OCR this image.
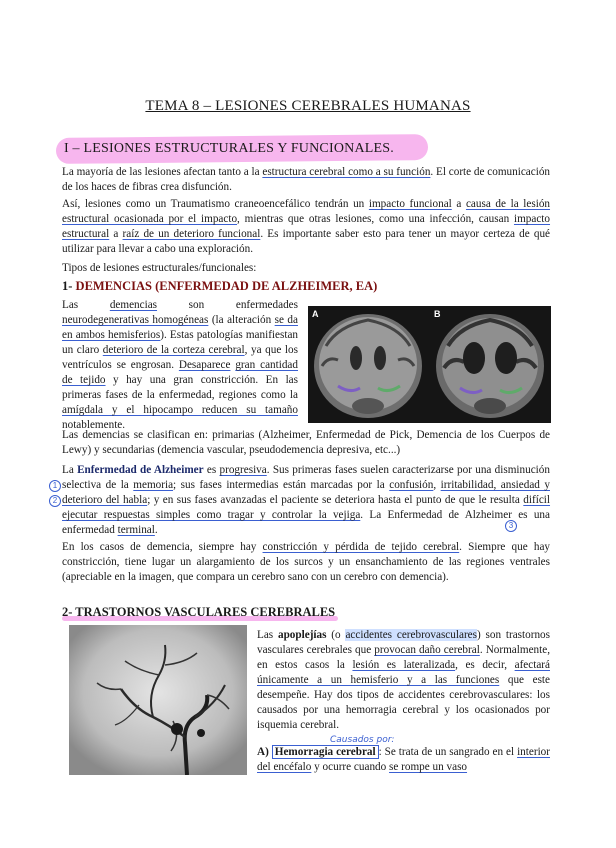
TEMA 8 – LESIONES CEREBRALES HUMANAS
I – LESIONES ESTRUCTURALES Y FUNCIONALES.

La mayoría de las lesiones afectan tanto a la estructura cerebral como a su función. El corte de comunicación de los haces de fibras crea disfunción.

Así, lesiones como un Traumatismo craneoencefálico tendrán un impacto funcional a causa de la lesión estructural ocasionada por el impacto, mientras que otras lesiones, como una infección, causan impacto estructural a raíz de un deterioro funcional. Es importante saber esto para tener un mayor certeza de qué utilizar para llevar a cabo una exploración.

Tipos de lesiones estructurales/funcionales:

1- DEMENCIAS (ENFERMEDAD DE ALZHEIMER, EA)

Las demencias son enfermedades neurodegenerativas homogéneas (la alteración se da en ambos hemisferios). Estas patologías manifiestan un claro deterioro de la corteza cerebral, ya que los ventrículos se engrosan. Desaparece gran cantidad de tejido y hay una gran constricción. En las primeras fases de la enfermedad, regiones como la amígdala y el hipocampo reducen su tamaño notablemente.

A	B

Las demencias se clasifican en: primarias (Alzheimer, Enfermedad de Pick, Demencia de los Cuerpos de Lewy) y secundarias (demencia vascular, pseudodemencia depresiva, etc...)

La Enfermedad de Alzheimer es progresiva. Sus primeras fases suelen caracterizarse por una disminución selectiva de la memoria; sus fases intermedias están marcadas por la confusión, irritabilidad, ansiedad y deterioro del habla; y en sus fases avanzadas el paciente se deteriora hasta el punto de que le resulta difícil ejecutar respuestas simples como tragar y controlar la vejiga. La Enfermedad de Alzheimer es una enfermedad terminal.

1
2
3

En los casos de demencia, siempre hay constricción y pérdida de tejido cerebral. Siempre que hay constricción, tiene lugar un alargamiento de los surcos y un ensanchamiento de las regiones ventrales (apreciable en la imagen, que compara un cerebro sano con un cerebro con demencia).

2- TRASTORNOS VASCULARES CEREBRALES

Las apoplejías (o accidentes cerebrovasculares) son trastornos vasculares cerebrales que provocan daño cerebral. Normalmente, en estos casos la lesión es lateralizada, es decir, afectará únicamente a un hemisferio y a las funciones que este desempeñe. Hay dos tipos de accidentes cerebrovasculares: los causados por una hemorragia cerebral y los ocasionados por isquemia cerebral.

Causados por:

A) Hemorragia cerebral : Se trata de un sangrado en el interior del encéfalo y ocurre cuando se rompe un vaso
